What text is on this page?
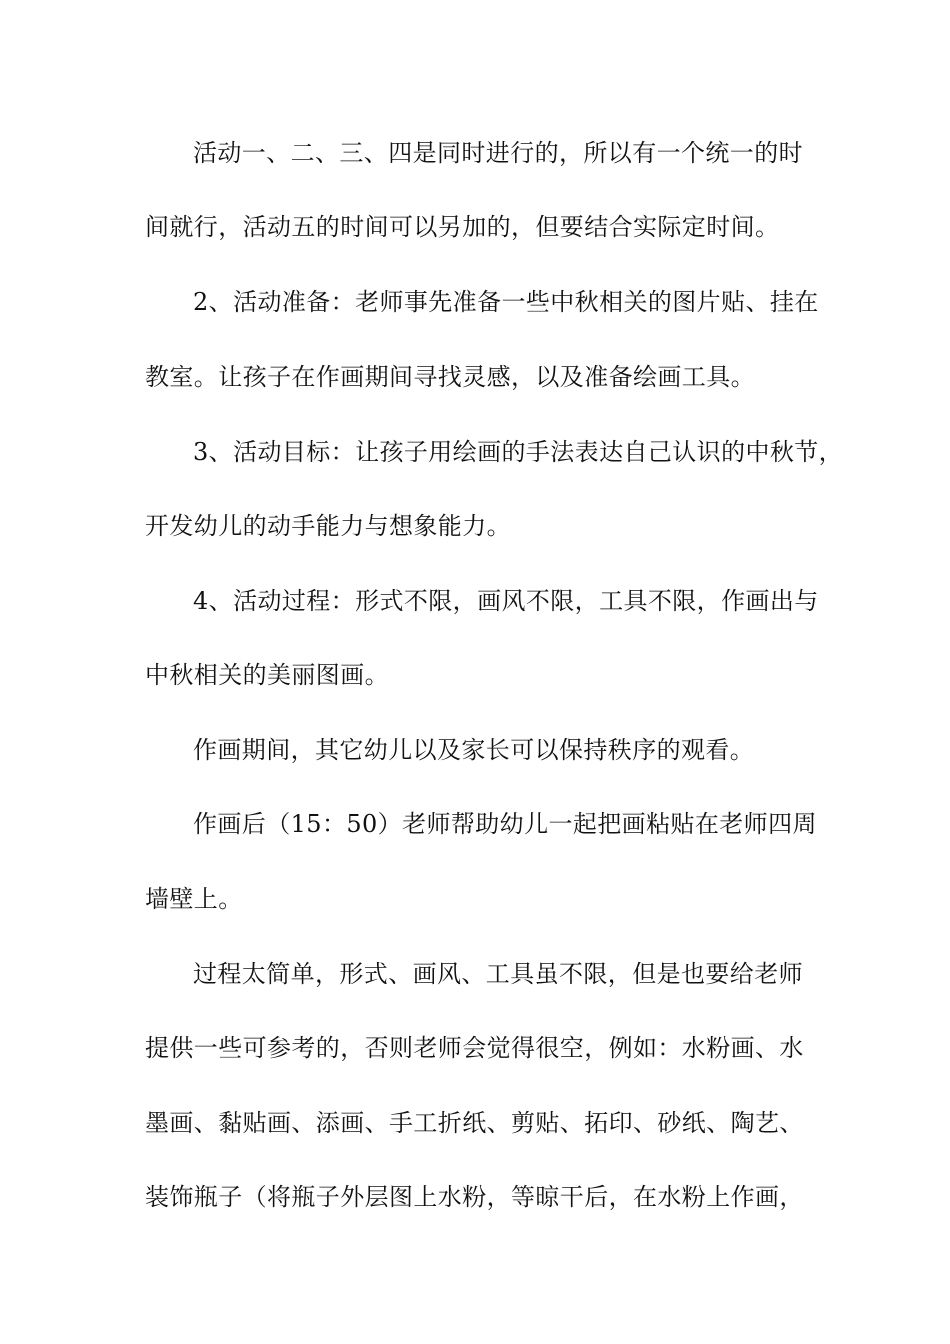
活动一、二、三、四是同时进行的，所以有一个统一的时
间就行，活动五的时间可以另加的，但要结合实际定时间。
2、活动准备：老师事先准备一些中秋相关的图片贴、挂在
教室。让孩子在作画期间寻找灵感，以及准备绘画工具。
3、活动目标：让孩子用绘画的手法表达自己认识的中秋节，
开发幼儿的动手能力与想象能力。
4、活动过程：形式不限，画风不限，工具不限，作画出与
中秋相关的美丽图画。
作画期间，其它幼儿以及家长可以保持秩序的观看。
作画后（15：50）老师帮助幼儿一起把画粘贴在老师四周
墙壁上。
过程太简单，形式、画风、工具虽不限，但是也要给老师
提供一些可参考的，否则老师会觉得很空，例如：水粉画、水
墨画、黏贴画、添画、手工折纸、剪贴、拓印、砂纸、陶艺、
装饰瓶子（将瓶子外层图上水粉，等晾干后，在水粉上作画，
